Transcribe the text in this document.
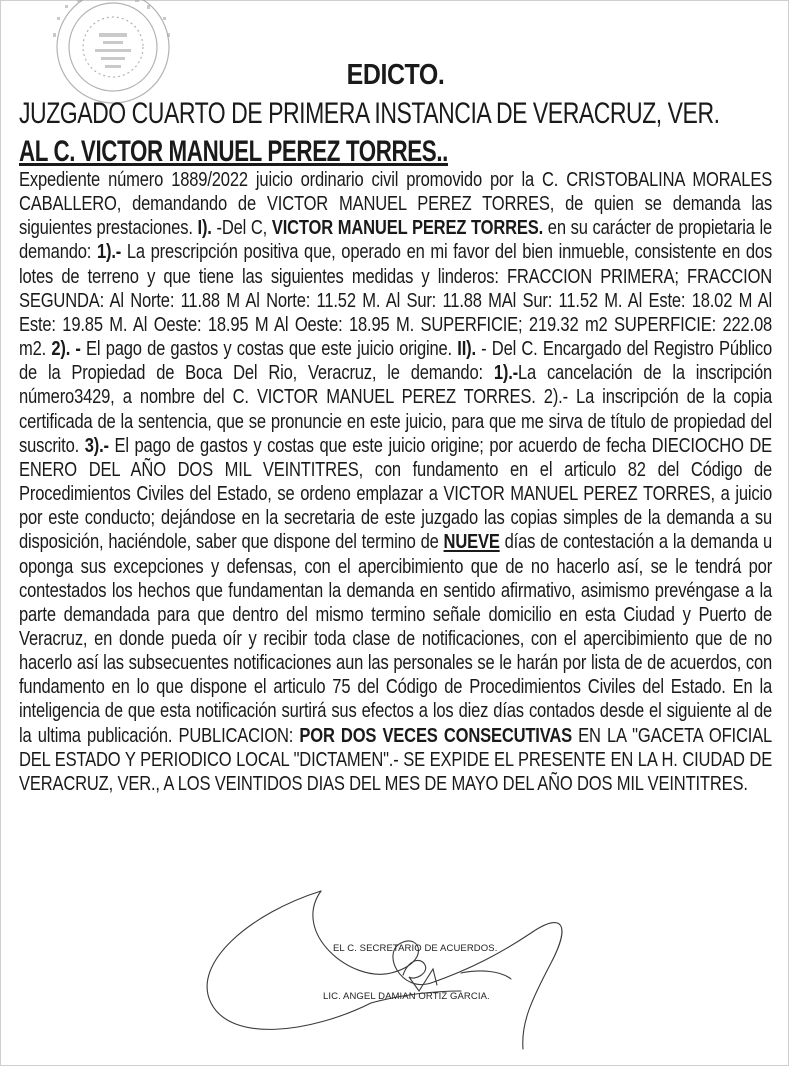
EDICTO.
JUZGADO CUARTO DE PRIMERA INSTANCIA DE VERACRUZ, VER.
AL C. VICTOR MANUEL PEREZ TORRES..
Expediente número 1889/2022 juicio ordinario civil promovido por la C. CRISTOBALINA MORALES CABALLERO, demandando de VICTOR MANUEL PEREZ TORRES, de quien se demanda las siguientes prestaciones. I). -Del C, VICTOR MANUEL PEREZ TORRES. en su carácter de propietaria le demando: 1).- La prescripción positiva que, operado en mi favor del bien inmueble, consistente en dos lotes de terreno y que tiene las siguientes medidas y linderos: FRACCION PRIMERA; FRACCION SEGUNDA: Al Norte: 11.88 M Al Norte: 11.52 M. Al Sur: 11.88 MAl Sur: 11.52 M. Al Este: 18.02 M Al Este: 19.85 M. Al Oeste: 18.95 M Al Oeste: 18.95 M. SUPERFICIE; 219.32 m2 SUPERFICIE: 222.08 m2. 2). - El pago de gastos y costas que este juicio origine. II). - Del C. Encargado del Registro Público de la Propiedad de Boca Del Rio, Veracruz, le demando: 1).-La cancelación de la inscripción número3429, a nombre del C. VICTOR MANUEL PEREZ TORRES. 2).- La inscripción de la copia certificada de la sentencia, que se pronuncie en este juicio, para que me sirva de título de propiedad del suscrito. 3).- El pago de gastos y costas que este juicio origine; por acuerdo de fecha DIECIOCHO DE ENERO DEL AÑO DOS MIL VEINTITRES, con fundamento en el articulo 82 del Código de Procedimientos Civiles del Estado, se ordeno emplazar a VICTOR MANUEL PEREZ TORRES, a juicio por este conducto; dejándose en la secretaria de este juzgado las copias simples de la demanda a su disposición, haciéndole, saber que dispone del termino de NUEVE días de contestación a la demanda u oponga sus excepciones y defensas, con el apercibimiento que de no hacerlo así, se le tendrá por contestados los hechos que fundamentan la demanda en sentido afirmativo, asimismo prevéngase a la parte demandada para que dentro del mismo termino señale domicilio en esta Ciudad y Puerto de Veracruz, en donde pueda oír y recibir toda clase de notificaciones, con el apercibimiento que de no hacerlo así las subsecuentes notificaciones aun las personales se le harán por lista de de acuerdos, con fundamento en lo que dispone el articulo 75 del Código de Procedimientos Civiles del Estado. En la inteligencia de que esta notificación surtirá sus efectos a los diez días contados desde el siguiente al de la ultima publicación. PUBLICACION: POR DOS VECES CONSECUTIVAS EN LA "GACETA OFICIAL DEL ESTADO Y PERIODICO LOCAL "DICTAMEN".- SE EXPIDE EL PRESENTE EN LA H. CIUDAD DE VERACRUZ, VER., A LOS VEINTIDOS DIAS DEL MES DE MAYO DEL AÑO DOS MIL VEINTITRES.
EL C. SECRETARIO DE ACUERDOS.
LIC. ANGEL DAMIAN ORTIZ GARCIA.
